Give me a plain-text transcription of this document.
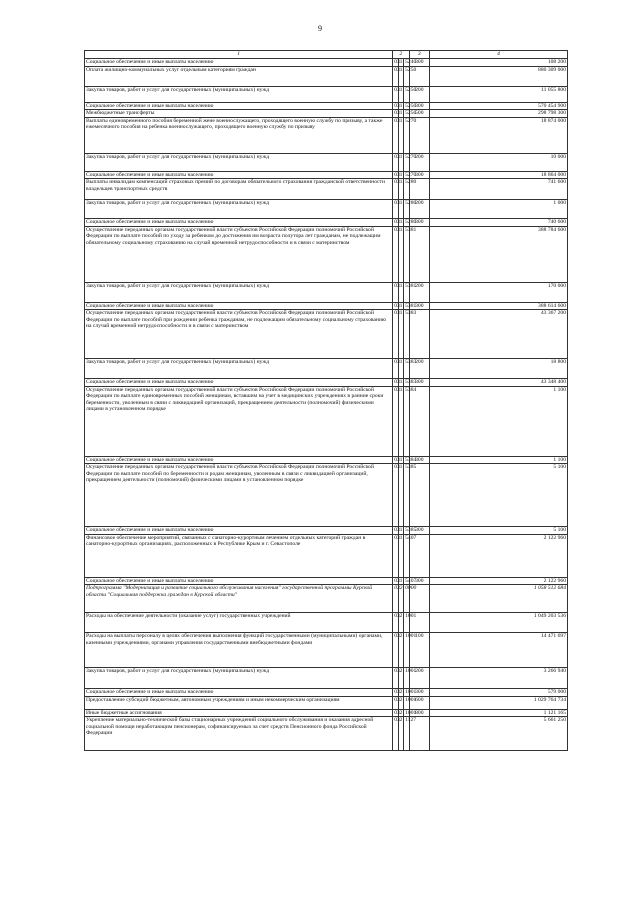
9
1	2			3	4
Социальное обеспечение и иные выплаты населению	03	1	5240	300	108 200
Оплата жилищно-коммунальных услуг отдельным категориям граждан	03	1	5250		880 309 000
Закупка товаров, работ и услуг для государственных (муниципальных) нужд	03	1	5250	200	11 055 800
Социальное обеспечение и иные выплаты населению	03	1	5250	300	570 454 900
Межбюджетные трансферты	03	1	5250	500	298 798 300
Выплаты единовременного пособия беременной жене военнослужащего, проходящего военную службу по призыву, а также ежемесячного пособия на ребенка военнослужащего, проходящего военную службу по призыву	03	1	5270		18 874 000
Закупка товаров, работ и услуг для государственных (муниципальных) нужд	03	1	5270	200	10 000
Социальное обеспечение и иные выплаты населению	03	1	5270	300	18 864 000
Выплаты инвалидам компенсаций страховых премий по договорам обязательного страхования гражданской ответственности владельцев транспортных средств	03	1	5280		741 600
Закупка товаров, работ и услуг для государственных (муниципальных) нужд	03	1	5280	200	1 000
Социальное обеспечение и иные выплаты населению	03	1	5280	300	740 600
Осуществление переданных органам государственной власти субъектов Российской Федерации полномочий Российской Федерации по выплате пособий по уходу за ребенком до достижения им возраста полутора лет гражданам, не подлежащим обязательному социальному страхованию на случай временной нетрудоспособности и в связи с материнством	03	1	5381		388 784 600
Закупка товаров, работ и услуг для государственных (муниципальных) нужд	03	1	5381	200	170 000
Социальное обеспечение и иные выплаты населению	03	1	5381	300	388 614 600
Осуществление переданных органам государственной власти субъектов Российской Федерации полномочий Российской Федерации по выплате пособий при рождении ребенка гражданам, не подлежащим обязательному социальному страхованию на случай временной нетрудоспособности и в связи с материнством	03	1	5383		43 367 200
Закупка товаров, работ и услуг для государственных (муниципальных) нужд	03	1	5383	200	18 800
Социальное обеспечение и иные выплаты населению	03	1	5383	300	43 348 400
Осуществление переданных органам государственной власти субъектов Российской Федерации полномочий Российской Федерации по выплате единовременных пособий женщинам, вставшим на учет в медицинских учреждениях в ранние сроки беременности, уволенным в связи с ликвидацией организаций, прекращением деятельности (полномочий) физическими лицами в установленном порядке	03	1	5384		1 100
Социальное обеспечение и иные выплаты населению	03	1	5384	300	1 100
Осуществление переданных органам государственной власти субъектов Российской Федерации полномочий Российской Федерации по выплате пособий по беременности и родам женщинам, уволенным в связи с ликвидацией организаций, прекращением деятельности (полномочий) физическими лицами в установленном порядке	03	1	5385		5 100
Социальное обеспечение и иные выплаты населению	03	1	5385	300	5 100
Финансовое обеспечение мероприятий, связанных с санаторно-курортным лечением отдельных категорий граждан в санаторно-курортных организациях, расположенных в Республике Крым и г. Севастополе	03	1	5407		2 122 960
Социальное обеспечение и иные выплаты населению	03	1	5407	300	2 122 960
Подпрограмма "Модернизация и развитие социального обслуживания населения" государственной программы Курской области "Социальная поддержка граждан в Курской области"	03	2	0000		1 058 512 684
Расходы на обеспечение деятельности (оказание услуг) государственных учреждений	03	2	1001		1 049 203 536
Расходы на выплаты персоналу в целях обеспечения выполнения функций государственными (муниципальными) органами, казенными учреждениями, органами управления государственными внебюджетными фондами	03	2	1001	100	14 471 697
Закупка товаров, работ и услуг для государственных (муниципальных) нужд	03	2	1001	200	3 266 940
Социальное обеспечение и иные выплаты населению	03	2	1001	300	579 000
Предоставление субсидий бюджетным, автономным учреждениям и иным некоммерческим организациям	03	2	1001	600	1 029 764 734
Иные бюджетные ассигнования	03	2	1001	800	1 121 165
Укрепление материально-технической базы стационарных учреждений социального обслуживания и оказания адресной социальной помощи неработающим пенсионерам, софинансируемых за счет средств Пенсионного фонда Российской Федерации	03	2	1127		5 661 250
